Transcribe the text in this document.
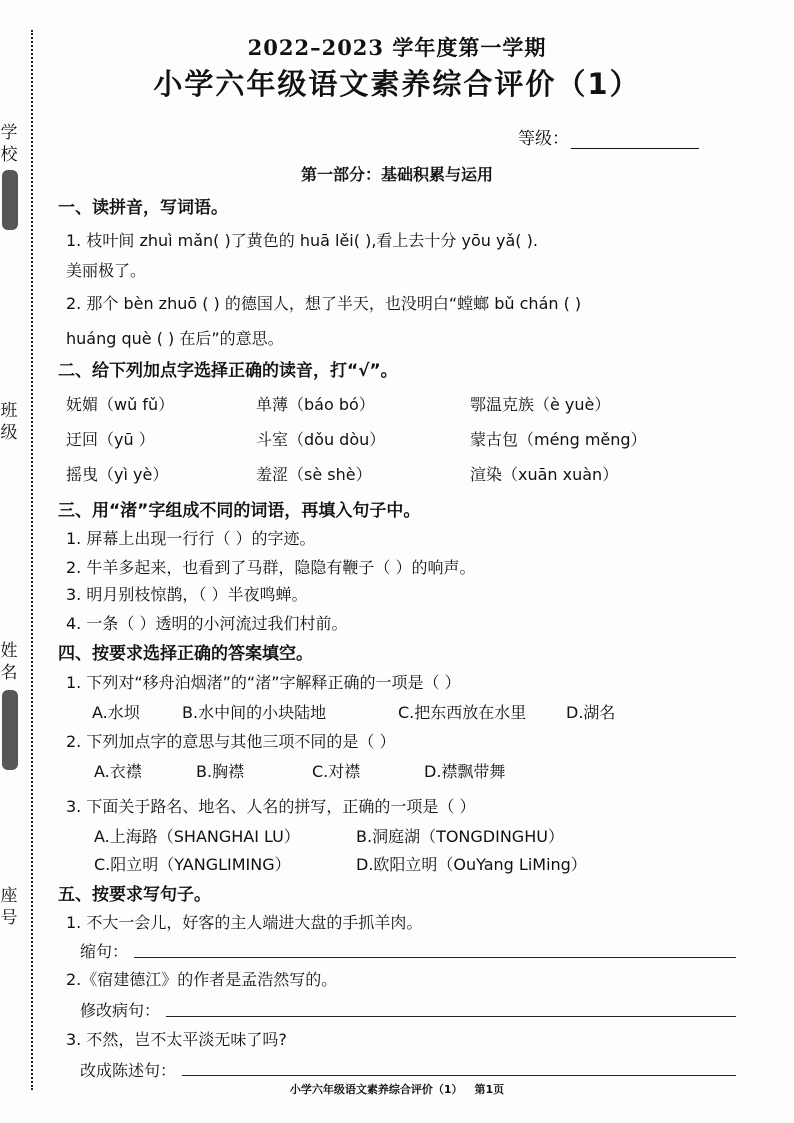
学校
班级
姓名
座号
2022–2023 学年度第一学期
小学六年级语文素养综合评价（1）
等级：
第一部分：基础积累与运用
一、读拼音，写词语。
1. 枝叶间 zhuì mǎn( )了黄色的 huā lěi( ),看上去十分 yōu yǎ( ).
美丽极了。
2. 那个 bèn zhuō ( ) 的德国人，想了半天，也没明白“螳螂 bǔ chán ( )
huáng què ( ) 在后”的意思。
二、给下列加点字选择正确的读音，打“√”。
妩媚（wǔ fǔ）	单薄（báo bó）	鄂温克族（è yuè）
迂回（yū ）	斗室（dǒu dòu）	蒙古包（méng měng）
摇曳（yì yè）	羞涩（sè shè）	渲染（xuān xuàn）
三、用“渚”字组成不同的词语，再填入句子中。
1. 屏幕上出现一行行（ ）的字迹。
2. 牛羊多起来，也看到了马群，隐隐有鞭子（ ）的响声。
3. 明月别枝惊鹊，（ ）半夜鸣蝉。
4. 一条（ ）透明的小河流过我们村前。
四、按要求选择正确的答案填空。
1. 下列对“移舟泊烟渚”的“渚”字解释正确的一项是（ ）
A.水坝	B.水中间的小块陆地	C.把东西放在水里 D.湖名
2. 下列加点字的意思与其他三项不同的是（ ）
A.衣襟	B.胸襟	C.对襟	D.襟飘带舞
3. 下面关于路名、地名、人名的拼写，正确的一项是（ ）
A.上海路（SHANGHAI LU）	B.洞庭湖（TONGDINGHU）
C.阳立明（YANGLIMING）	D.欧阳立明（OuYang LiMing）
五、按要求写句子。
1. 不大一会儿，好客的主人端进大盘的手抓羊肉。
缩句：
2.《宿建德江》的作者是孟浩然写的。
修改病句：
3. 不然，岂不太平淡无味了吗?
改成陈述句：
小学六年级语文素养综合评价（1） 第1页
